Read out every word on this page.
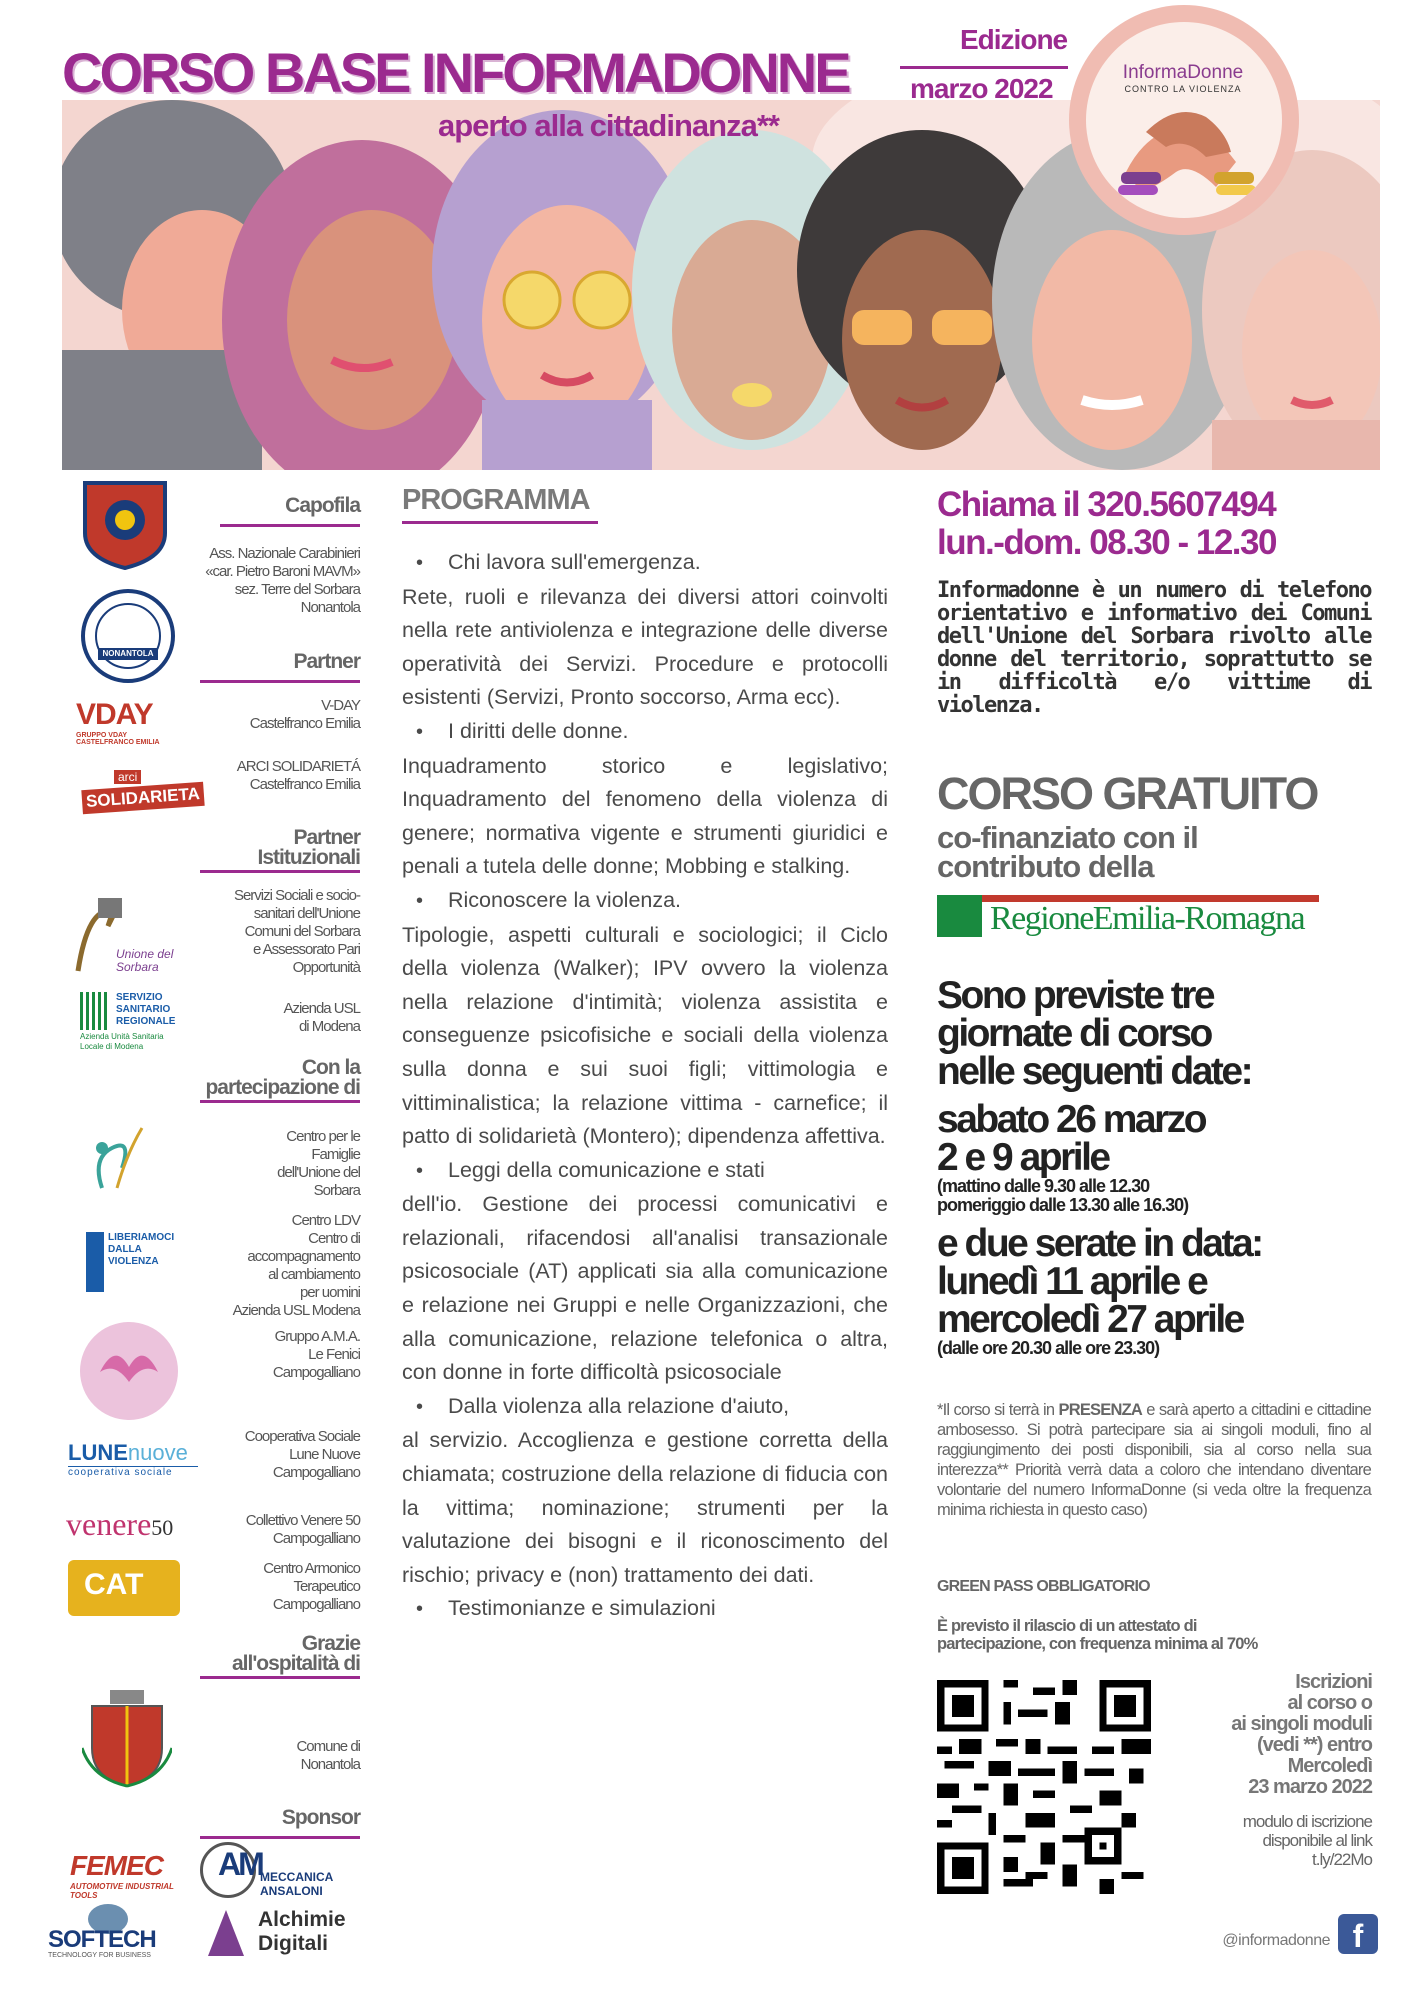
CORSO BASE INFORMADONNE
aperto alla cittadinanza**
Edizione
marzo 2022
InformaDonne
CONTRO LA VIOLENZA
Capofila
Ass. Nazionale Carabinieri
«car. Pietro Baroni MAVM»
sez. Terre del Sorbara
Nonantola
NONANTOLA	Partner
VDAY
GRUPPO VDAY CASTELFRANCO EMILIA
V-DAY
Castelfranco Emilia
arci
SOLIDARIETA
ARCI SOLIDARIETÁ
Castelfranco Emilia
Partner
Istituzionali
Unione del Sorbara
Servizi Sociali e socio-
sanitari dell'Unione
Comuni del Sorbara
e Assessorato Pari
Opportunità
SERVIZIO
SANITARIO
REGIONALE
Azienda Unità Sanitaria
Locale di Modena
Azienda USL
di Modena
Con la
partecipazione di
Centro per le
Famiglie
dell'Unione del
Sorbara
LIBERIAMOCI
DALLA
VIOLENZA
Centro LDV
Centro di
accompagnamento
al cambiamento
per uomini
Azienda USL Modena
Gruppo A.M.A.
Le Fenici
Campogalliano
LUNEnuove
cooperativa sociale
Cooperativa Sociale
Lune Nuove
Campogalliano
venere50	Collettivo Venere 50
Campogalliano
CAT	Centro Armonico
Terapeutico
Campogalliano
Grazie
all'ospitalità di
Comune di
Nonantola
Sponsor
FEMEC
AUTOMOTIVE INDUSTRIAL TOOLS
AM
MECCANICA ANSALONI
SOFTECH
TECHNOLOGY FOR BUSINESS
Alchimie
Digitali
PROGRAMMA
• Chi lavora sull'emergenza.
Rete, ruoli e rilevanza dei diversi attori coinvolti nella rete antiviolenza e integrazione delle diverse operatività dei Servizi. Procedure e protocolli esistenti (Servizi, Pronto soccorso, Arma ecc).
• I diritti delle donne.
Inquadramento storico e legislativo; Inquadramento del fenomeno della violenza di genere; normativa vigente e strumenti giuridici e penali a tutela delle donne; Mobbing e stalking.
• Riconoscere la violenza.
Tipologie, aspetti culturali e sociologici; il Ciclo della violenza (Walker); IPV ovvero la violenza nella relazione d'intimità; violenza assistita e conseguenze psicofisiche e sociali della violenza sulla donna e sui suoi figli; vittimologia e vittiminalistica; la relazione vittima - carnefice; il patto di solidarietà (Montero); dipendenza affettiva.
• Leggi della comunicazione e stati
dell'io. Gestione dei processi comunicativi e relazionali, rifacendosi all'analisi transazionale psicosociale (AT) applicati sia alla comunicazione e relazione nei Gruppi e nelle Organizzazioni, che alla comunicazione, relazione telefonica o altra, con donne in forte difficoltà psicosociale
• Dalla violenza alla relazione d'aiuto,
al servizio. Accoglienza e gestione corretta della chiamata; costruzione della relazione di fiducia con la vittima; nominazione; strumenti per la valutazione dei bisogni e il riconoscimento del rischio; privacy e (non) trattamento dei dati.
• Testimonianze e simulazioni
Chiama il 320.5607494
lun.-dom. 08.30 - 12.30
Informadonne è un numero di telefono orientativo e informativo dei Comuni dell'Unione del Sorbara rivolto alle donne del territorio, soprattutto se in difficoltà e/o vittime di violenza.
CORSO GRATUITO
co-finanziato con il
contributo della
RegioneEmilia-Romagna
Sono previste tre
giornate di corso
nelle seguenti date:
sabato 26 marzo
2 e 9 aprile
(mattino dalle 9.30 alle 12.30
pomeriggio dalle 13.30 alle 16.30)
e due serate in data:
lunedì 11 aprile e
mercoledì 27 aprile
(dalle ore 20.30 alle ore 23.30)
*Il corso si terrà in PRESENZA e sarà aperto a cittadini e cittadine ambosesso. Si potrà partecipare sia ai singoli moduli, fino al raggiungimento dei posti disponibili, sia al corso nella sua interezza** Priorità verrà data a coloro che intendano diventare volontarie del numero InformaDonne (si veda oltre la frequenza minima richiesta in questo caso)
GREEN PASS OBBLIGATORIO
È previsto il rilascio di un attestato di
partecipazione, con frequenza minima al 70%
Iscrizioni
al corso o
ai singoli moduli
(vedi **) entro
Mercoledì
23 marzo 2022
modulo di iscrizione
disponibile al link
t.ly/22Mo
@informadonne f
